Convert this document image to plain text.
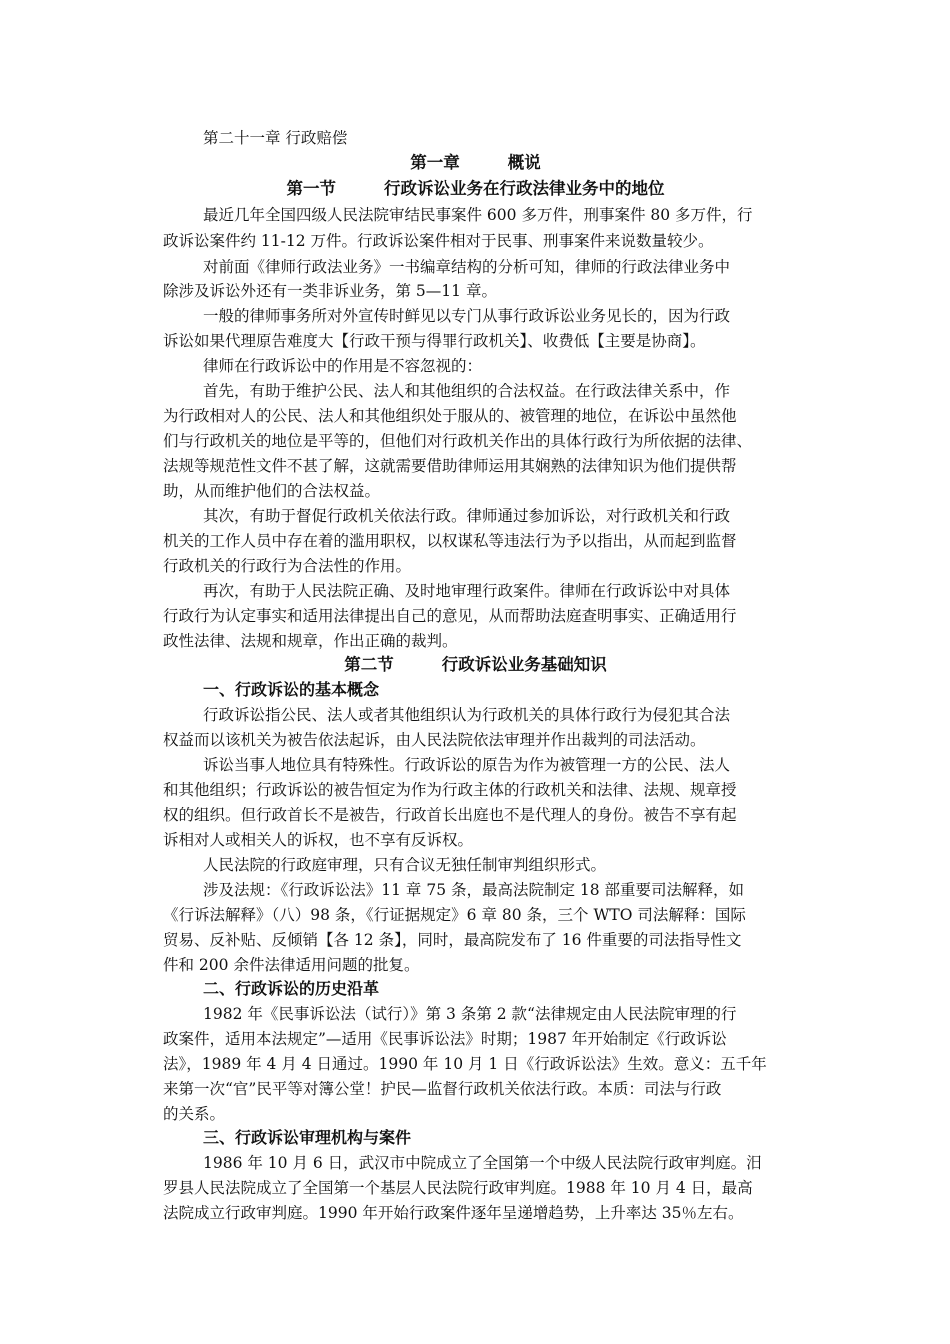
第二十一章 行政赔偿
第一章	概说
第一节	行政诉讼业务在行政法律业务中的地位
最近几年全国四级人民法院审结民事案件 600 多万件，刑事案件 80 多万件，行
政诉讼案件约 11-12 万件。行政诉讼案件相对于民事、刑事案件来说数量较少。
对前面《律师行政法业务》一书编章结构的分析可知，律师的行政法律业务中
除涉及诉讼外还有一类非诉业务，第 5—11 章。
一般的律师事务所对外宣传时鲜见以专门从事行政诉讼业务见长的，因为行政
诉讼如果代理原告难度大【行政干预与得罪行政机关】、收费低【主要是协商】。
律师在行政诉讼中的作用是不容忽视的：
首先，有助于维护公民、法人和其他组织的合法权益。在行政法律关系中，作
为行政相对人的公民、法人和其他组织处于服从的、被管理的地位，在诉讼中虽然他
们与行政机关的地位是平等的，但他们对行政机关作出的具体行政行为所依据的法律、
法规等规范性文件不甚了解，这就需要借助律师运用其娴熟的法律知识为他们提供帮
助，从而维护他们的合法权益。
其次，有助于督促行政机关依法行政。律师通过参加诉讼，对行政机关和行政
机关的工作人员中存在着的滥用职权，以权谋私等违法行为予以指出，从而起到监督
行政机关的行政行为合法性的作用。
再次，有助于人民法院正确、及时地审理行政案件。律师在行政诉讼中对具体
行政行为认定事实和适用法律提出自己的意见，从而帮助法庭查明事实、正确适用行
政性法律、法规和规章，作出正确的裁判。
第二节	行政诉讼业务基础知识
一、行政诉讼的基本概念
行政诉讼指公民、法人或者其他组织认为行政机关的具体行政行为侵犯其合法
权益而以该机关为被告依法起诉，由人民法院依法审理并作出裁判的司法活动。
诉讼当事人地位具有特殊性。行政诉讼的原告为作为被管理一方的公民、法人
和其他组织；行政诉讼的被告恒定为作为行政主体的行政机关和法律、法规、规章授
权的组织。但行政首长不是被告，行政首长出庭也不是代理人的身份。被告不享有起
诉相对人或相关人的诉权，也不享有反诉权。
人民法院的行政庭审理，只有合议无独任制审判组织形式。
涉及法规：《行政诉讼法》11 章 75 条，最高法院制定 18 部重要司法解释，如
《行诉法解释》（八）98 条，《行证据规定》6 章 80 条，三个 WTO 司法解释：国际
贸易、反补贴、反倾销【各 12 条】，同时，最高院发布了 16 件重要的司法指导性文
件和 200 余件法律适用问题的批复。
二、行政诉讼的历史沿革
1982 年《民事诉讼法（试行）》第 3 条第 2 款“法律规定由人民法院审理的行
政案件，适用本法规定”—适用《民事诉讼法》时期；1987 年开始制定《行政诉讼
法》，1989 年 4 月 4 日通过。1990 年 10 月 1 日《行政诉讼法》生效。意义：五千年
来第一次“官”民平等对簿公堂！护民—监督行政机关依法行政。本质：司法与行政
的关系。
三、行政诉讼审理机构与案件
1986 年 10 月 6 日，武汉市中院成立了全国第一个中级人民法院行政审判庭。汨
罗县人民法院成立了全国第一个基层人民法院行政审判庭。1988 年 10 月 4 日，最高
法院成立行政审判庭。1990 年开始行政案件逐年呈递增趋势，上升率达 35％左右。
